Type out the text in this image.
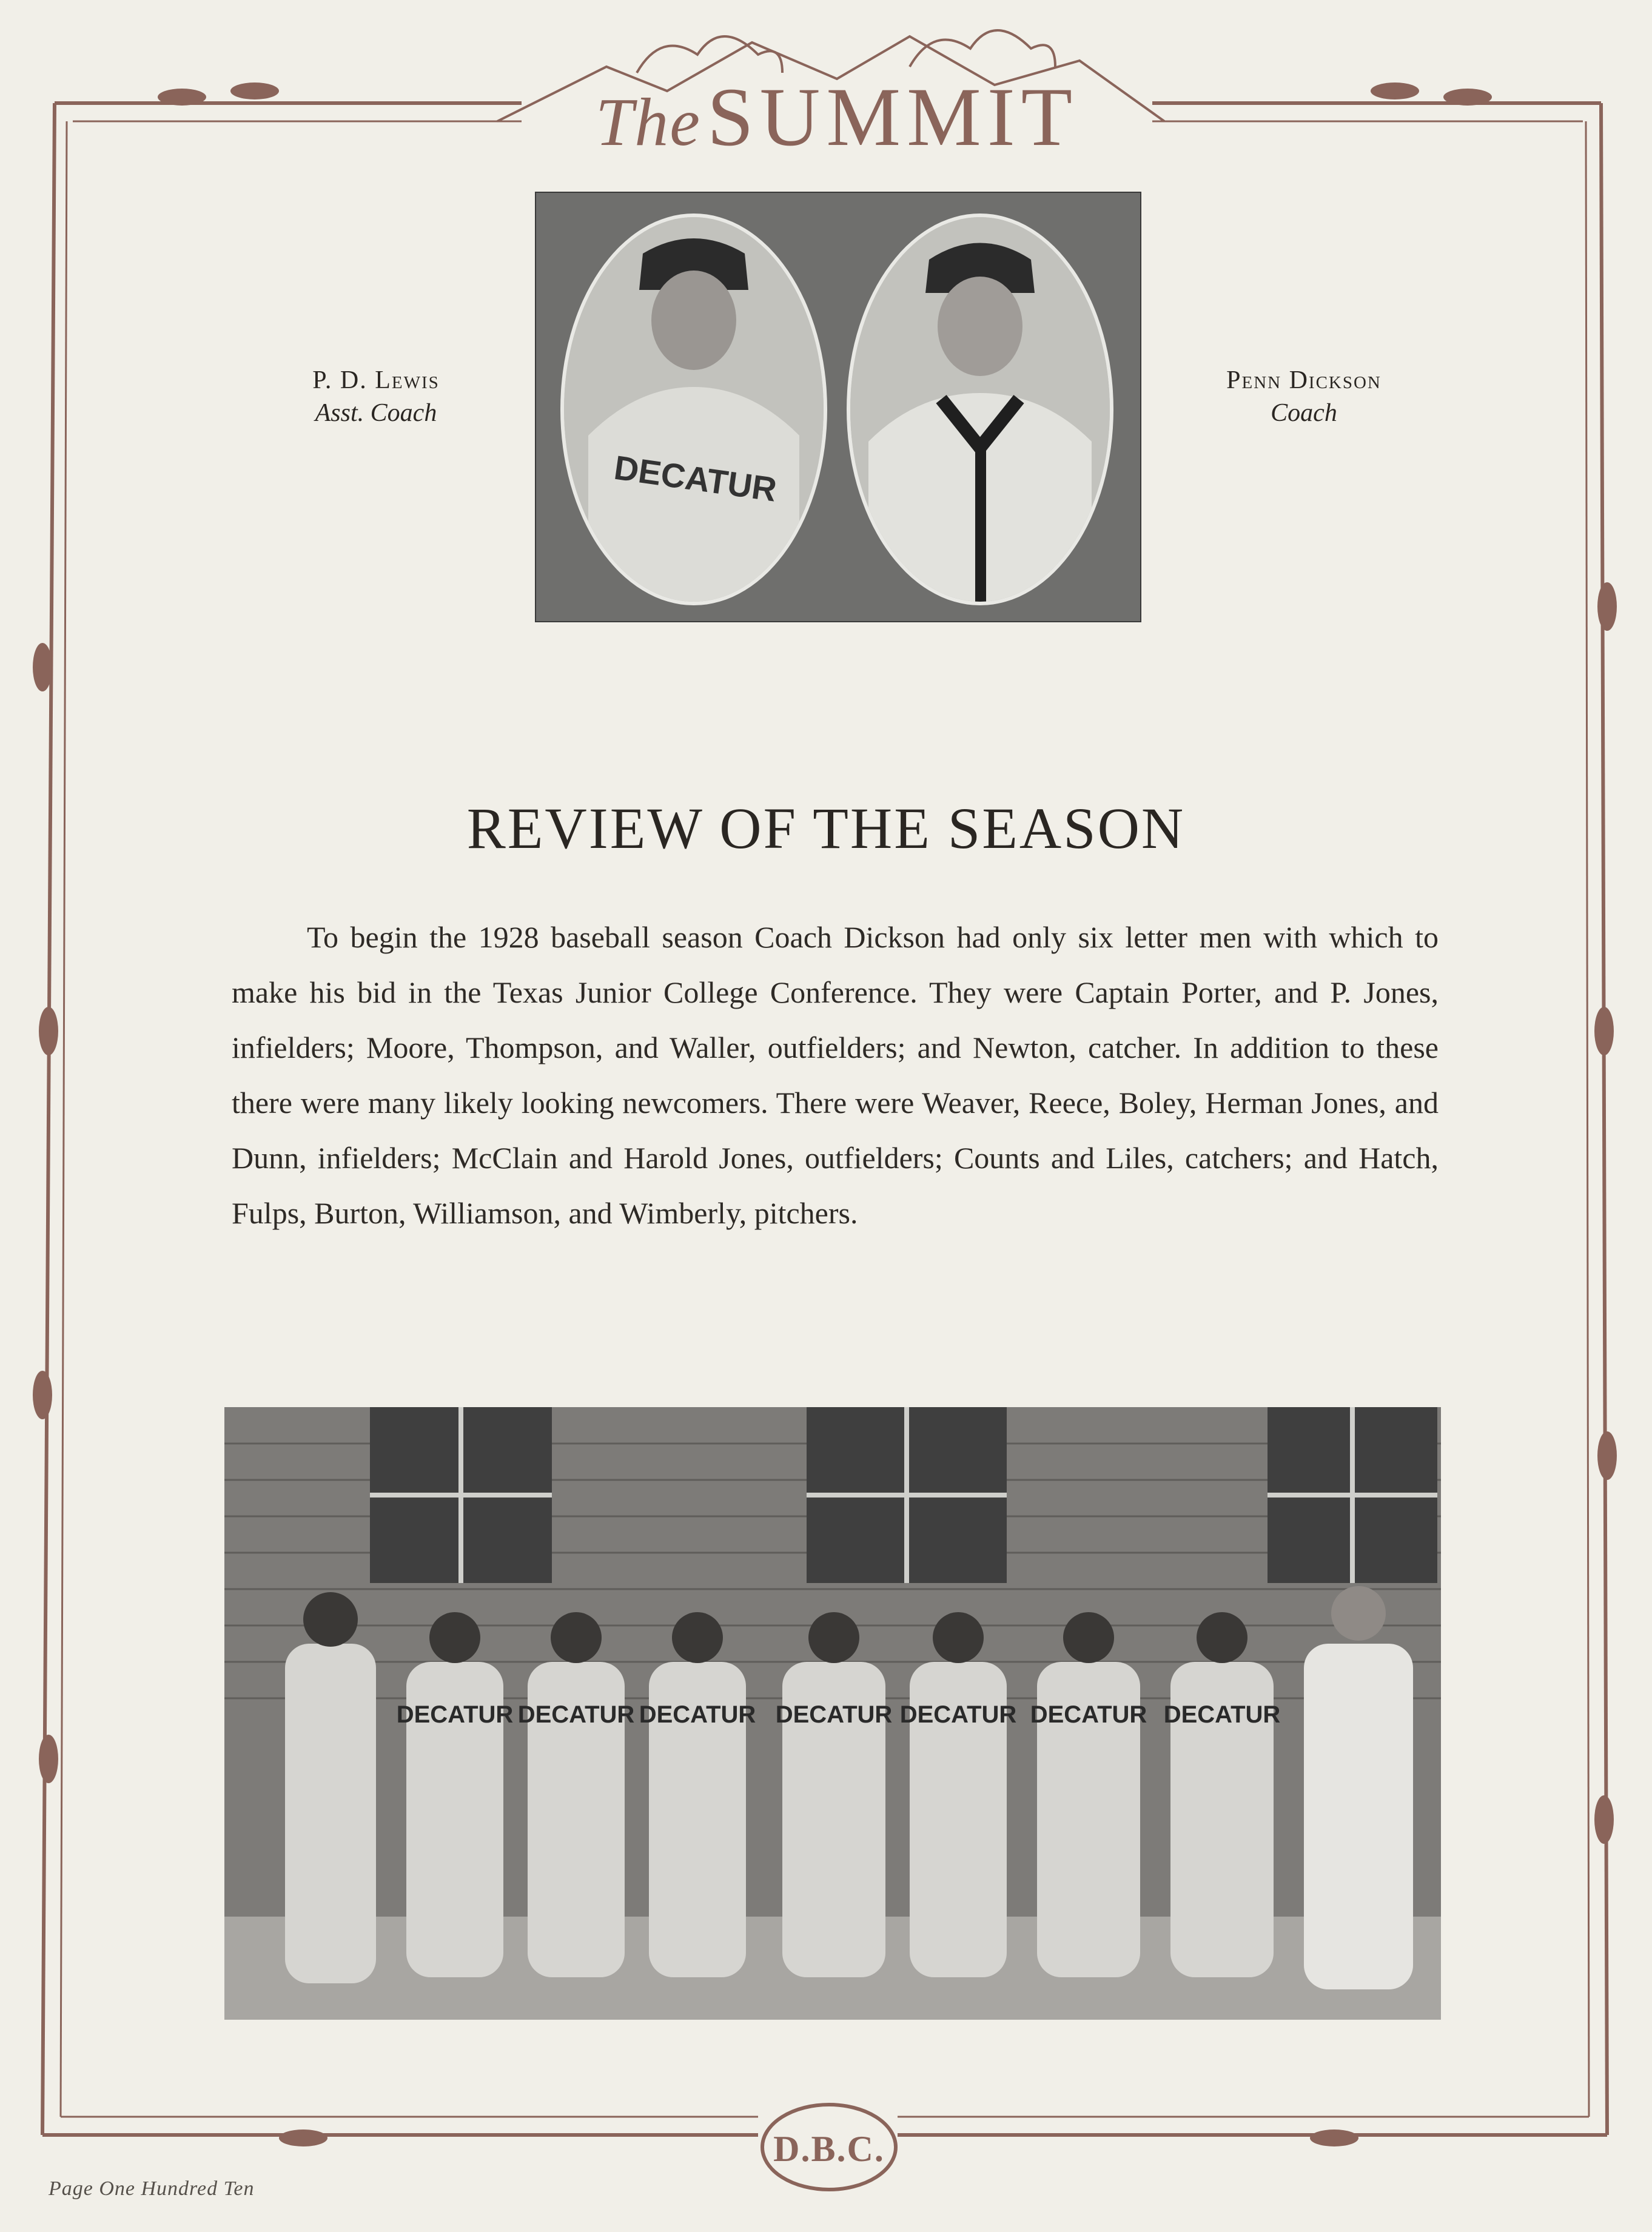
TheSUMMIT
DECATUR
P. D. Lewis
Asst. Coach
Penn Dickson
Coach
REVIEW OF THE SEASON
To begin the 1928 baseball season Coach Dickson had only six letter men with which to make his bid in the Texas Junior College Conference. They were Captain Porter, and P. Jones, infielders; Moore, Thompson, and Waller, outfielders; and Newton, catcher. In addition to these there were many likely looking newcomers. There were Weaver, Reece, Boley, Herman Jones, and Dunn, infielders; McClain and Harold Jones, outfielders; Counts and Liles, catchers; and Hatch, Fulps, Burton, Williamson, and Wimberly, pitchers.
DECATUR DECATUR DECATUR DECATUR DECATUR DECATUR DECATUR
D.B.C.
Page One Hundred Ten
